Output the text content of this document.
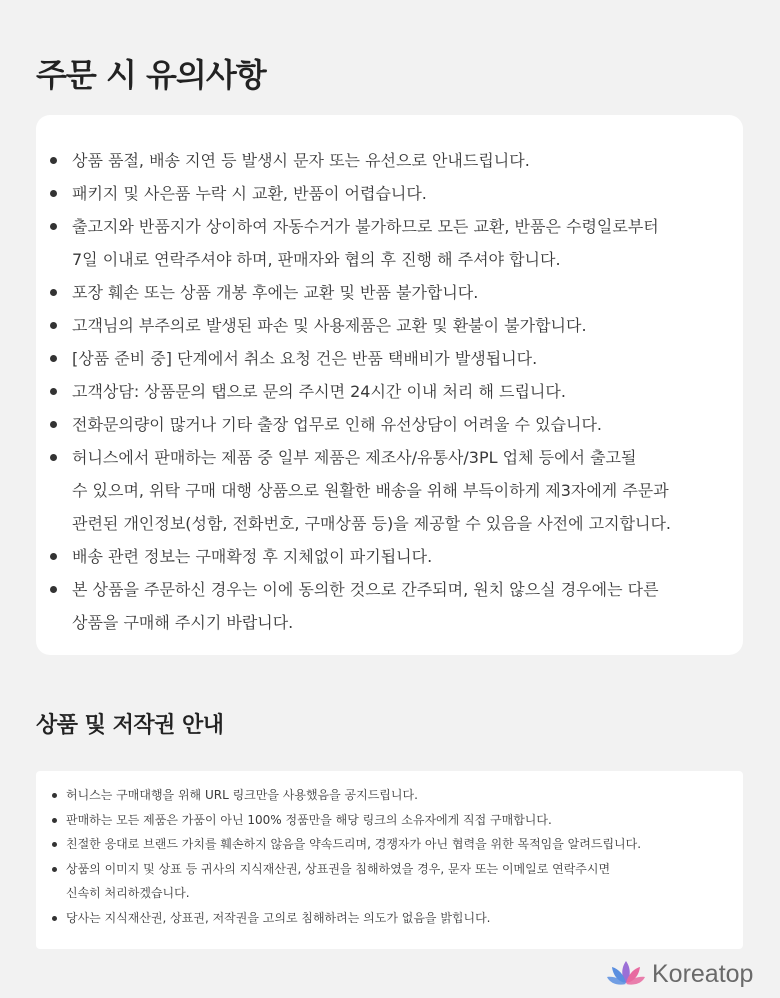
주문 시 유의사항
상품 품절, 배송 지연 등 발생시 문자 또는 유선으로 안내드립니다.
패키지 및 사은품 누락 시 교환, 반품이 어렵습니다.
출고지와 반품지가 상이하여 자동수거가 불가하므로 모든 교환, 반품은 수령일로부터
7일 이내로 연락주셔야 하며, 판매자와 협의 후 진행 해 주셔야 합니다.
포장 훼손 또는 상품 개봉 후에는 교환 및 반품 불가합니다.
고객님의 부주의로 발생된 파손 및 사용제품은 교환 및 환불이 불가합니다.
[상품 준비 중] 단계에서 취소 요청 건은 반품 택배비가 발생됩니다.
고객상담: 상품문의 탭으로 문의 주시면 24시간 이내 처리 해 드립니다.
전화문의량이 많거나 기타 출장 업무로 인해 유선상담이 어려울 수 있습니다.
허니스에서 판매하는 제품 중 일부 제품은 제조사/유통사/3PL 업체 등에서 출고될
수 있으며, 위탁 구매 대행 상품으로 원활한 배송을 위해 부득이하게 제3자에게 주문과
관련된 개인정보(성함, 전화번호, 구매상품 등)을 제공할 수 있음을 사전에 고지합니다.
배송 관련 정보는 구매확정 후 지체없이 파기됩니다.
본 상품을 주문하신 경우는 이에 동의한 것으로 간주되며, 원치 않으실 경우에는 다른
상품을 구매해 주시기 바랍니다.
상품 및 저작권 안내
허니스는 구매대행을 위해 URL 링크만을 사용했음을 공지드립니다.
판매하는 모든 제품은 가품이 아닌 100% 정품만을 해당 링크의 소유자에게 직접 구매합니다.
친절한 응대로 브랜드 가치를 훼손하지 않음을 약속드리며, 경쟁자가 아닌 협력을 위한 목적임을 알려드립니다.
상품의 이미지 및 상표 등 귀사의 지식재산권, 상표권을 침해하였을 경우, 문자 또는 이메일로 연락주시면
신속히 처리하겠습니다.
당사는 지식재산권, 상표권, 저작권을 고의로 침해하려는 의도가 없음을 밝힙니다.
Koreatop
